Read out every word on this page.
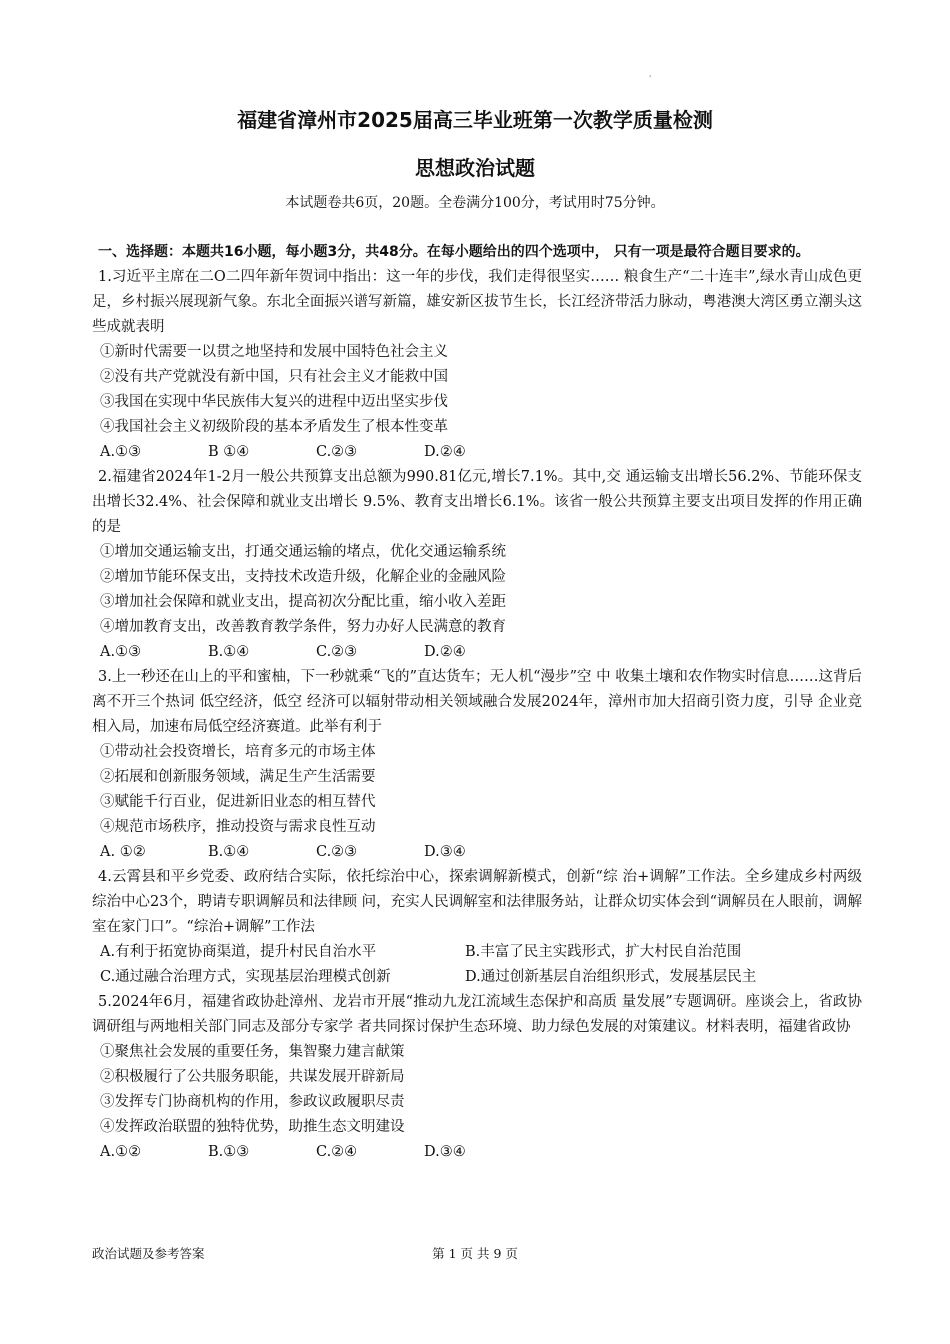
'
福建省漳州市2025届高三毕业班第一次教学质量检测
思想政治试题
本试题卷共6页，20题。全卷满分100分，考试用时75分钟。

一、选择题：本题共16小题，每小题3分，共48分。在每小题给出的四个选项中， 只有一项是最符合题目要求的。

1.习近平主席在二O二四年新年贺词中指出：这一年的步伐，我们走得很坚实…… 粮食生产“二十连丰”,绿水青山成色更足，乡村振兴展现新气象。东北全面振兴谱写新篇，雄安新区拔节生长，长江经济带活力脉动，粤港澳大湾区勇立潮头这些成就表明

①新时代需要一以贯之地坚持和发展中国特色社会主义

②没有共产党就没有新中国，只有社会主义才能救中国

③我国在实现中华民族伟大复兴的进程中迈出坚实步伐

④我国社会主义初级阶段的基本矛盾发生了根本性变革

A.①③	B ①④	C.②③	D.②④

2.福建省2024年1-2月一般公共预算支出总额为990.81亿元,增长7.1%。其中,交 通运输支出增长56.2%、节能环保支出增长32.4%、社会保障和就业支出增长 9.5%、教育支出增长6.1%。该省一般公共预算主要支出项目发挥的作用正确的是

①增加交通运输支出，打通交通运输的堵点，优化交通运输系统

②增加节能环保支出，支持技术改造升级，化解企业的金融风险

③增加社会保障和就业支出，提高初次分配比重，缩小收入差距

④增加教育支出，改善教育教学条件，努力办好人民满意的教育

A.①③	B.①④	C.②③	D.②④

3.上一秒还在山上的平和蜜柚，下一秒就乘“飞的”直达货车；无人机“漫步”空 中 收集土壤和农作物实时信息……这背后离不开三个热词 低空经济，低空 经济可以辐射带动相关领域融合发展2024年，漳州市加大招商引资力度，引导 企业竞相入局，加速布局低空经济赛道。此举有利于

①带动社会投资增长，培育多元的市场主体

②拓展和创新服务领域，满足生产生活需要

③赋能千行百业，促进新旧业态的相互替代

④规范市场秩序，推动投资与需求良性互动

A. ①②	B.①④	C.②③	D.③④

4.云霄县和平乡党委、政府结合实际，依托综治中心，探索调解新模式，创新“综 治+调解”工作法。全乡建成乡村两级综治中心23个，聘请专职调解员和法律顾 问，充实人民调解室和法律服务站，让群众切实体会到“调解员在人眼前，调解 室在家门口”。“综治+调解”工作法

A.有利于拓宽协商渠道，提升村民自治水平	B.丰富了民主实践形式，扩大村民自治范围

C.通过融合治理方式，实现基层治理模式创新	D.通过创新基层自治组织形式，发展基层民主

5.2024年6月，福建省政协赴漳州、龙岩市开展“推动九龙江流域生态保护和高质 量发展”专题调研。座谈会上，省政协调研组与两地相关部门同志及部分专家学 者共同探讨保护生态环境、助力绿色发展的对策建议。材料表明，福建省政协

①聚焦社会发展的重要任务，集智聚力建言献策

②积极履行了公共服务职能，共谋发展开辟新局

③发挥专门协商机构的作用，参政议政履职尽责

④发挥政治联盟的独特优势，助推生态文明建设

A.①②	B.①③	C.②④	D.③④

政治试题及参考答案	第 1 页 共 9 页
